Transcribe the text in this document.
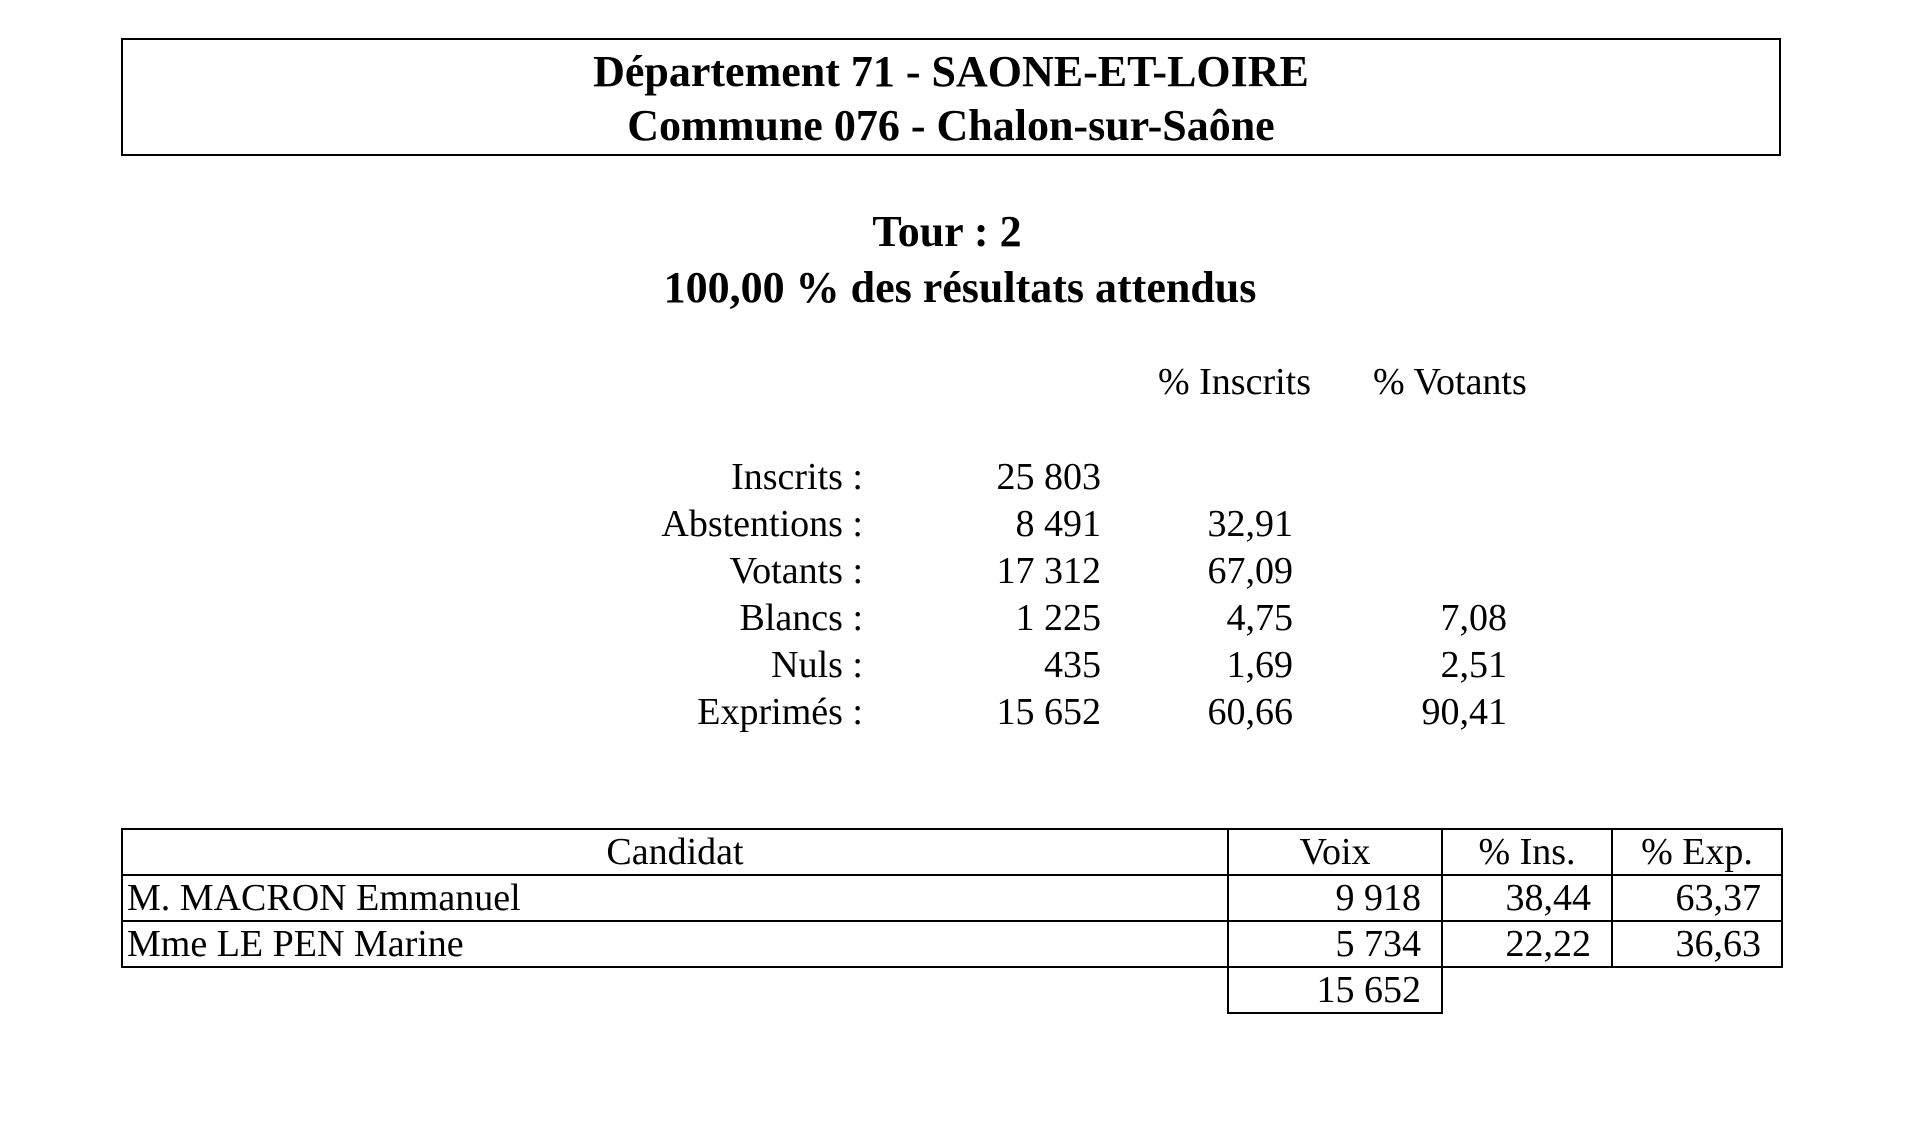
Département 71 - SAONE-ET-LOIRE
Commune 076 - Chalon-sur-Saône
Tour : 2
100,00 % des résultats attendus
% Inscrits % Votants
Inscrits :	25 803
Abstentions :	8 491	32,91
Votants :	17 312	67,09
Blancs :	1 225	4,75	7,08
Nuls :	435	1,69	2,51
Exprimés :	15 652	60,66	90,41
Candidat	Voix	% Ins.	% Exp.
M. MACRON Emmanuel	9 918	38,44	63,37
Mme LE PEN Marine	5 734	22,22	36,63
	15 652		
